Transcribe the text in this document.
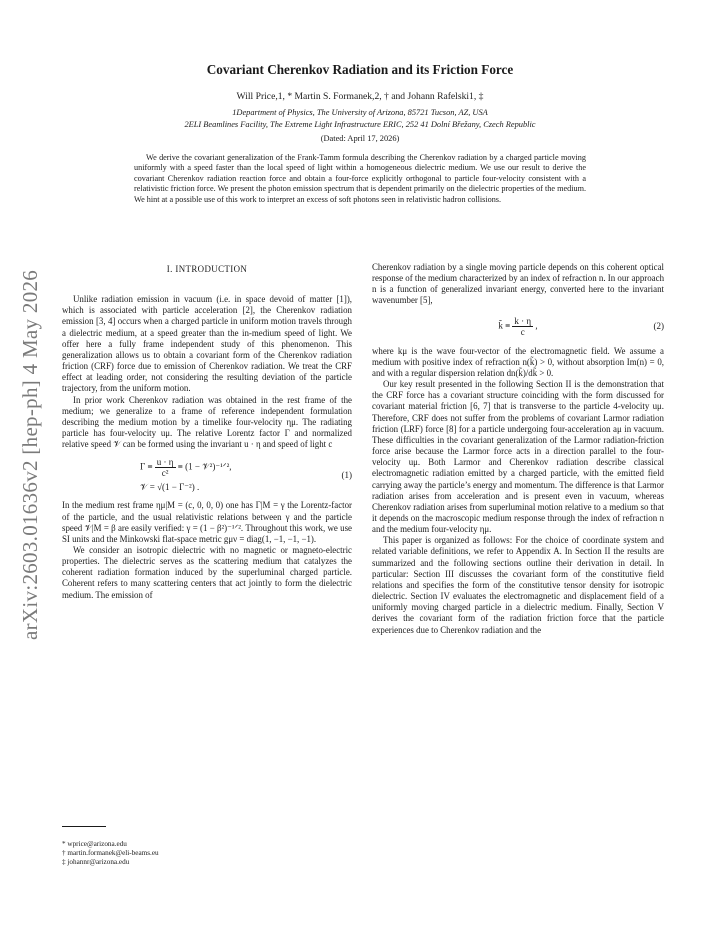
arXiv:2603.01636v2 [hep-ph] 4 May 2026
Covariant Cherenkov Radiation and its Friction Force
Will Price,1, * Martin S. Formanek,2, † and Johann Rafelski1, ‡
1Department of Physics, The University of Arizona, 85721 Tucson, AZ, USA
2ELI Beamlines Facility, The Extreme Light Infrastructure ERIC, 252 41 Dolní Břežany, Czech Republic
(Dated: April 17, 2026)

We derive the covariant generalization of the Frank-Tamm formula describing the Cherenkov radiation by a charged particle moving uniformly with a speed faster than the local speed of light within a homogeneous dielectric medium. We use our result to derive the covariant Cherenkov radiation reaction force and obtain a four-force explicitly orthogonal to particle four-velocity consistent with a relativistic friction force. We present the photon emission spectrum that is dependent primarily on the dielectric properties of the medium. We hint at a possible use of this work to interpret an excess of soft photons seen in relativistic hadron collisions.

I. INTRODUCTION

Unlike radiation emission in vacuum (i.e. in space devoid of matter [1]), which is associated with particle acceleration [2], the Cherenkov radiation emission [3, 4] occurs when a charged particle in uniform motion travels through a dielectric medium, at a speed greater than the in-medium speed of light. We offer here a fully frame independent study of this phenomenon. This generalization allows us to obtain a covariant form of the Cherenkov radiation friction (CRF) force due to emission of Cherenkov radiation. We treat the CRF effect at leading order, not considering the resulting deviation of the particle trajectory, from the uniform motion.

In prior work Cherenkov radiation was obtained in the rest frame of the medium; we generalize to a frame of reference independent formulation describing the medium motion by a timelike four-velocity ημ. The radiating particle has four-velocity uμ. The relative Lorentz factor Γ and normalized relative speed 𝒱 can be formed using the invariant u · η and speed of light c

$\Gamma \equiv \frac{u \cdot \eta}{\text{c²}} \equiv (1$ − 𝒱²)⁻¹ᐟ²,
𝒱 = √(1 − Γ⁻²) .
(1)

In the medium rest frame ημ|M = (c, 0, 0, 0) one has Γ|M = γ the Lorentz-factor of the particle, and the usual relativistic relations between γ and the particle speed 𝒱|M = β are easily verified: γ = (1 − β²)⁻¹ᐟ². Throughout this work, we use SI units and the Minkowski flat-space metric gμν = diag(1, −1, −1, −1).

We consider an isotropic dielectric with no magnetic or magneto-electric properties. The dielectric serves as the scattering medium that catalyzes the coherent radiation formation induced by the superluminal charged particle. Coherent refers to many scattering centers that act jointly to form the dielectric medium. The emission of

Cherenkov radiation by a single moving particle depends on this coherent optical response of the medium characterized by an index of refraction n. In our approach n is a function of generalized invariant energy, converted here to the invariant wavenumber [5],

k̃ ≡ $\frac{k \cdot \eta}{c}$ ,	(2)

where kμ is the wave four-vector of the electromagnetic field. We assume a medium with positive index of refraction n(k̃) > 0, without absorption Im(n) = 0, and with a regular dispersion relation dn(k̃)/dk̃ > 0.

Our key result presented in the following Section II is the demonstration that the CRF force has a covariant structure coinciding with the form discussed for covariant material friction [6, 7] that is transverse to the particle 4-velocity uμ. Therefore, CRF does not suffer from the problems of covariant Larmor radiation friction (LRF) force [8] for a particle undergoing four-acceleration aμ in vacuum. These difficulties in the covariant generalization of the Larmor radiation-friction force arise because the Larmor force acts in a direction parallel to the four-velocity uμ. Both Larmor and Cherenkov radiation describe classical electromagnetic radiation emitted by a charged particle, with the emitted field carrying away the particle’s energy and momentum. The difference is that Larmor radiation arises from acceleration and is present even in vacuum, whereas Cherenkov radiation arises from superluminal motion relative to a medium so that it depends on the macroscopic medium response through the index of refraction n and the medium four-velocity ημ.

This paper is organized as follows: For the choice of coordinate system and related variable definitions, we refer to Appendix A. In Section II the results are summarized and the following sections outline their derivation in detail. In particular: Section III discusses the covariant form of the constitutive field relations and specifies the form of the constitutive tensor density for isotropic dielectric. Section IV evaluates the electromagnetic and displacement field of a uniformly moving charged particle in a dielectric medium. Finally, Section V derives the covariant form of the radiation friction force that the particle experiences due to Cherenkov radiation and the

* wprice@arizona.edu
† martin.formanek@eli-beams.eu
‡ johannr@arizona.edu
